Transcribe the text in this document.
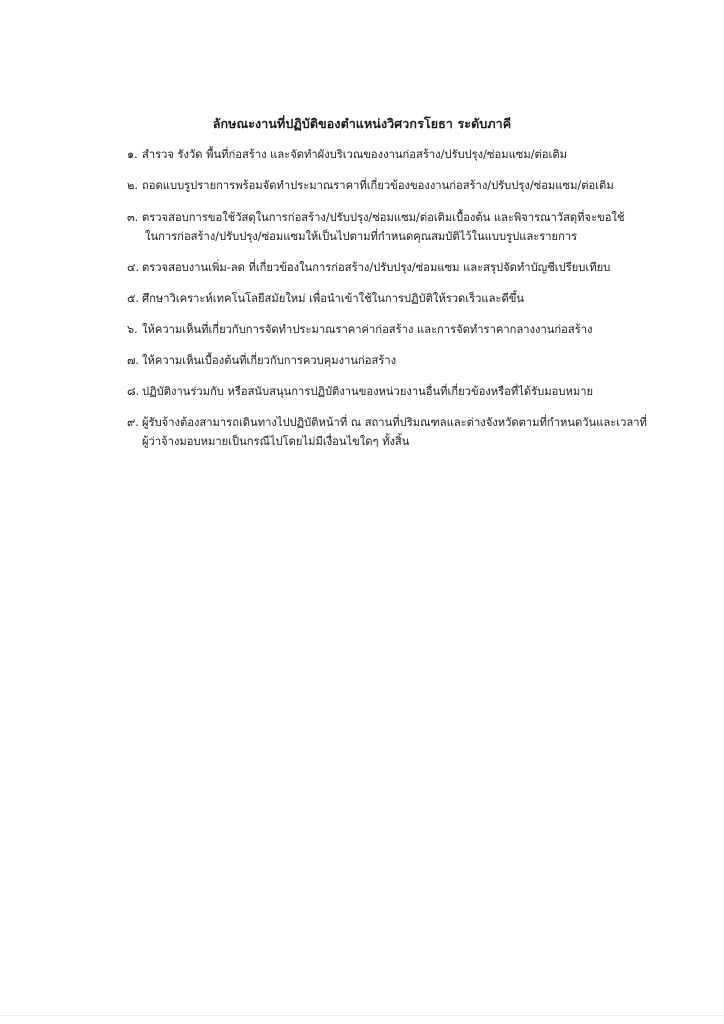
ลักษณะงานที่ปฏิบัติของตำแหน่งวิศวกรโยธา ระดับภาคี
๑. สำรวจ รังวัด พื้นที่ก่อสร้าง และจัดทำผังบริเวณของงานก่อสร้าง/ปรับปรุง/ซ่อมแซม/ต่อเติม
๒. ถอดแบบรูปรายการพร้อมจัดทำประมาณราคาที่เกี่ยวข้องของงานก่อสร้าง/ปรับปรุง/ซ่อมแซม/ต่อเติม
๓. ตรวจสอบการขอใช้วัสดุในการก่อสร้าง/ปรับปรุง/ซ่อมแซม/ต่อเติมเบื้องต้น และพิจารณาวัสดุที่จะขอใช้
ในการก่อสร้าง/ปรับปรุง/ซ่อมแซมให้เป็นไปตามที่กำหนดคุณสมบัติไว้ในแบบรูปและรายการ
๔. ตรวจสอบงานเพิ่ม-ลด ที่เกี่ยวข้องในการก่อสร้าง/ปรับปรุง/ซ่อมแซม และสรุปจัดทำบัญชีเปรียบเทียบ
๕. ศึกษาวิเคราะห์เทคโนโลยีสมัยใหม่ เพื่อนำเข้าใช้ในการปฏิบัติให้รวดเร็วและดีขึ้น
๖. ให้ความเห็นที่เกี่ยวกับการจัดทำประมาณราคาค่าก่อสร้าง และการจัดทำราคากลางงานก่อสร้าง
๗. ให้ความเห็นเบื้องต้นที่เกี่ยวกับการควบคุมงานก่อสร้าง
๘. ปฏิบัติงานร่วมกับ หรือสนับสนุนการปฏิบัติงานของหน่วยงานอื่นที่เกี่ยวข้องหรือที่ได้รับมอบหมาย
๙. ผู้รับจ้างต้องสามารถเดินทางไปปฏิบัติหน้าที่ ณ สถานที่ปริมณฑลและต่างจังหวัดตามที่กำหนดวันและเวลาที่
ผู้ว่าจ้างมอบหมายเป็นกรณีไปโดยไม่มีเงื่อนไขใดๆ ทั้งสิ้น
